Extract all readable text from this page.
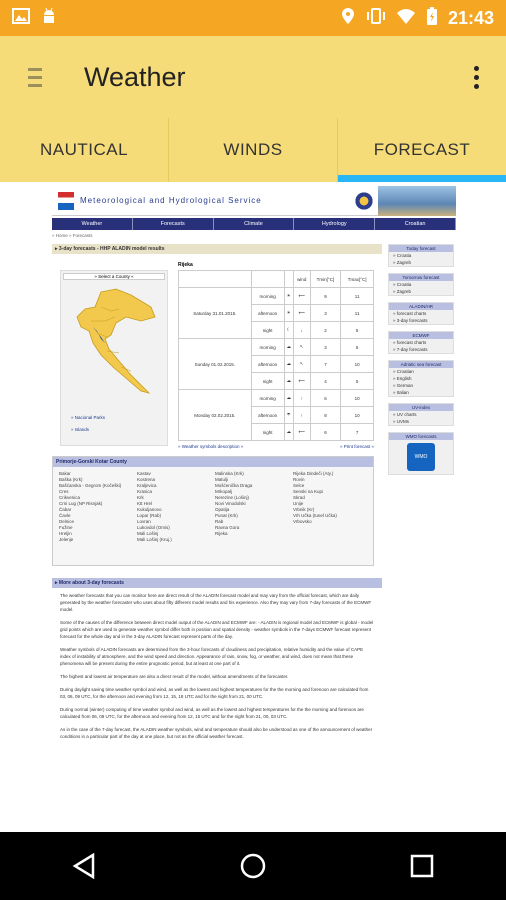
21:43
Weather
NAUTICAL	WINDS	FORECAST
Meteorological and Hydrological Service
Weather	Forecasts	Climate	Hydrology	Croatian
» Home » Forecasts
▸ 3-day forecasts - HHP ALADIN model results
» Select a County «
» Nacional Parks
» Islands
Rijeka
			wind	Tmin[°C]	Tmax[°C]
Saturday 31.01.2015.	morning	☀	⟵	9	11
	afternoon	☀	⟵	3	11
	night	☾	↓	2	5
Sunday 01.02.2015.	morning	☁	↖	3	6
	afternoon	☁	↖	7	10
	night	☁	⟵	4	5
Monday 02.02.2015.	morning	☁	↑	6	10
	afternoon	☂	↑	8	10
	night	☁	⟵	6	7
» Weather symbols description «	» Print forecast «
Primorje-Gorski Kotar County
Bakar
Baška (Krk)
Bašćanska - Gegrom (Kočeški)
Cres
Crikvenica
Crni Lug (NP Risnjak)
Čabar
Čavle
Delnice
Fužine
Hreljin
Jelenje
Kastav
Kostrena
Kraljevica
Krasica
Krk
Ktt Hrel
Kukuljanovo
Lopar (Rab)
Lovran
Lukovdol (Omis)
Mali Lošinj
Mali Lošinj (Kruj.)
Malinska (Krk)
Matulji
Mošćenička Draga
Mrkopalj
Nerezine (Lošinj)
Novi Vinodolski
Opatija
Punat (Krk)
Rab
Ravna Gora
Rijeka
Rijeka Dindeči (Aty.)
Rovin
Selce
Senski na Kupi
Skrad
Unije
Vrbnik (Kr)
Vrh Učka (tunel Učka)
Vrbovsko
▸ More about 3-day forecasts

The weather forecasts that you can monitor here are direct result of the ALADIN forecast model and may vary from the official forecast, which are daily generated by the weather forecaster who uses about fifty different model results and his experience. Also they may vary from 7-day forecasts of the ECMWF model.

Some of the causes of the difference between direct model output of the ALADIN and ECMWF are: - ALADIN is regional model and ECMWF is global - model grid points which are used to generate weather symbol differ both in position and spatial density - weather symbols in the 7-days ECMWF forecast represent forecast for the whole day and in the 3-day ALADIN forecast represent parts of the day.

Weather symbols of ALADIN forecasts are determined from the 3-hour forecasts of cloudiness and precipitation, relative humidity and the value of CAPE index of instability of atmosphere, and the wind speed and direction. Appearance of rain, snow, fog, or weather, and wind, does not mean that these phenomena will be present during the entire prognostic period, but at least at one part of it.

The highest and lowest air temperature are also a direct result of the model, without amendments of the forecaster.

During daylight saving time weather symbol and wind, as well as the lowest and highest temperatures for the the morning and forenoon are calculated from 03, 06, 09 UTC, for the afternoon and evening from 12, 15, 18 UTC and for the night from 21, 00 UTC.

During normal (winter) computing of time weather symbol and wind, as well as the lowest and highest temperatures for the the morning and forenoon are calculated from 06, 09 UTC, for the afternoon and evening from 12, 15 UTC and for the night from 21, 00, 03 UTC.

As in the case of the 7-day forecast, the ALADIN weather symbols, wind and temperature should also be understood as one of the announcement of weather conditions in a particular part of the day at one place, but not as the official weather forecast.

Today forecast
» Croatia
» Zagreb
Tomorrow forecast
» Croatia
» Zagreb
ALADIN/HR
» forecast charts
» 3-day forecasts
ECMWF
» forecast charts
» 7-day forecasts
Adriatic sea forecast
» Croatian
» English
» German
» Italian
UV-index
» UV charts
» UVMs
WMO forecasts
WMO
